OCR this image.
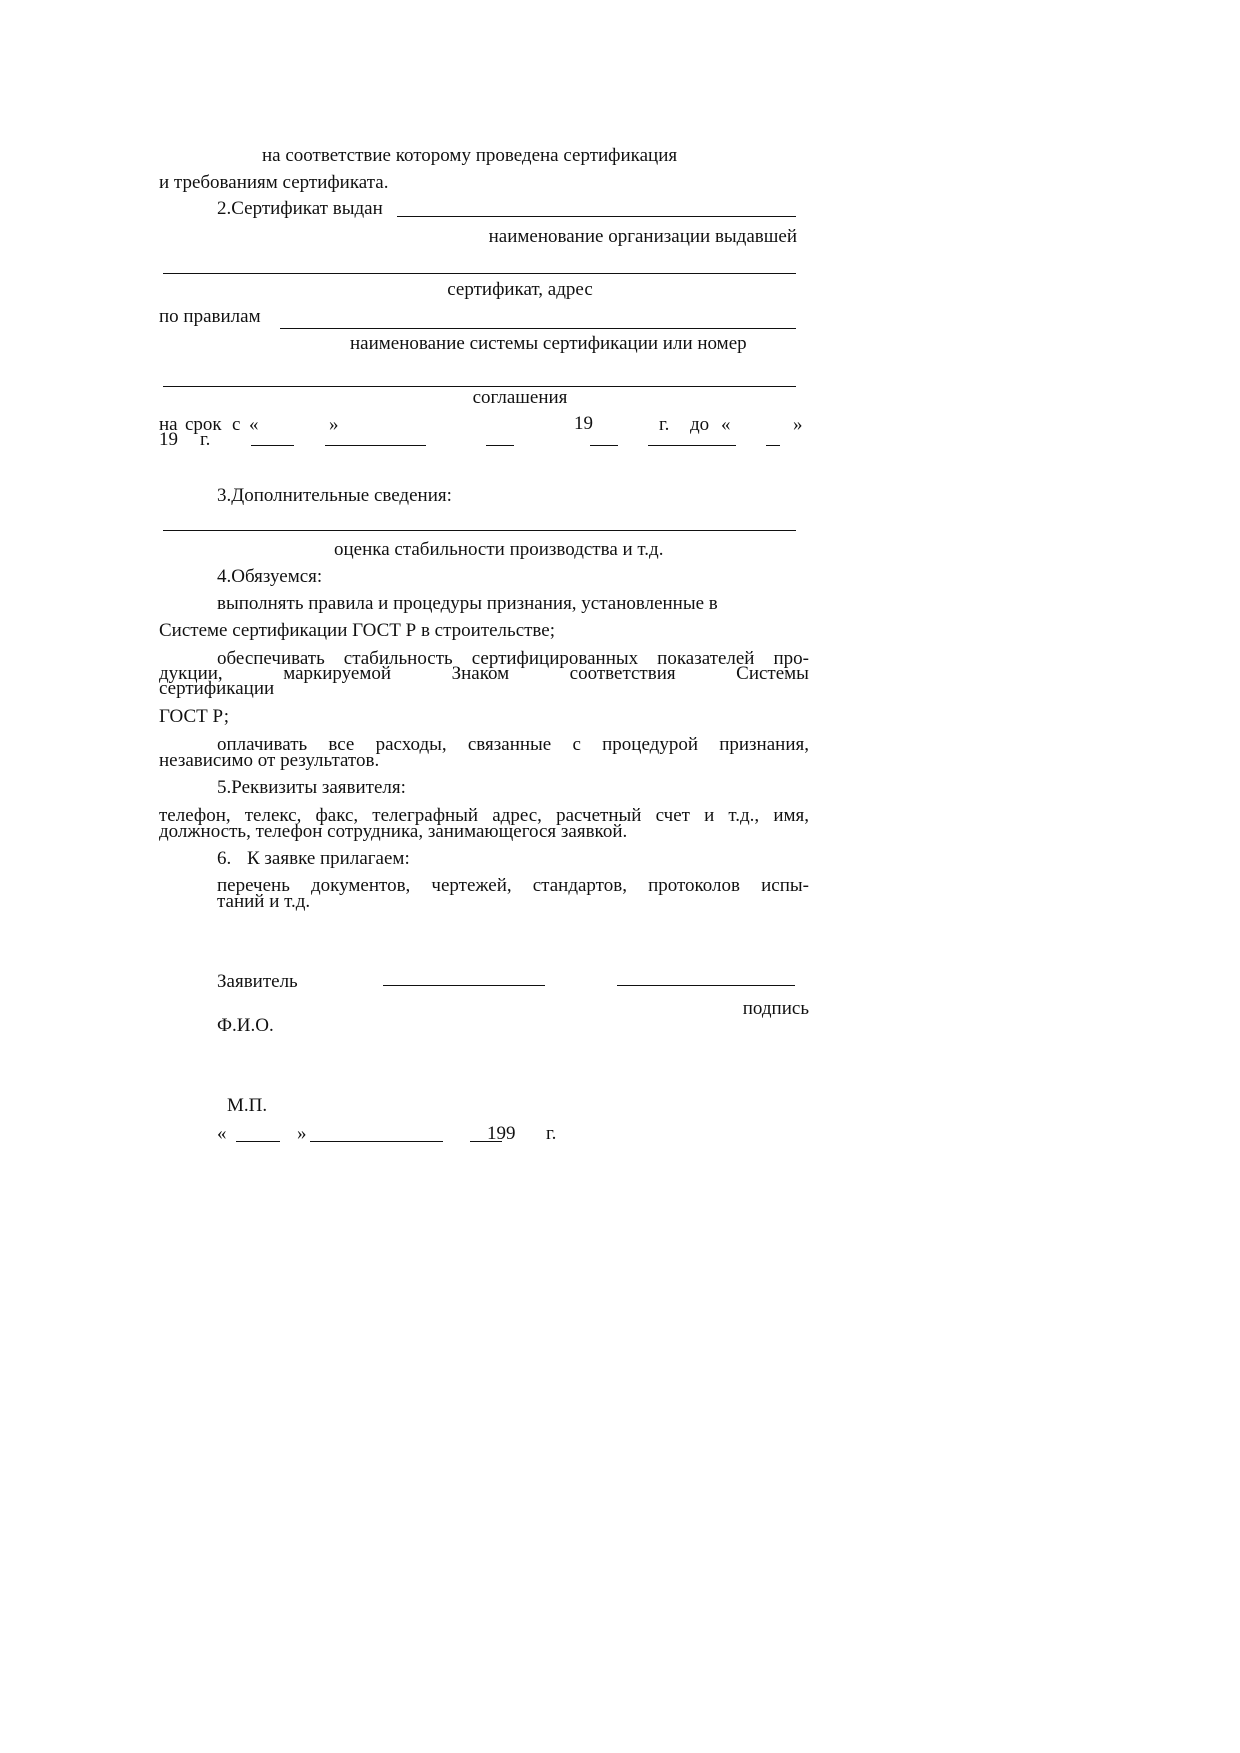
на соответствие которому проведена сертификация
и требованиям сертификата.
2.Сертификат выдан
наименование организации выдавшей
сертификат, адрес
по правилам
наименование системы сертификации или номер
соглашения
на срок с «	»	19	г. до «	»
19 г.
3.Дополнительные сведения:
оценка стабильности производства и т.д.
4.Обязуемся:
выполнять правила и процедуры признания, установленные в
Системе сертификации ГОСТ Р в строительстве;
обеспечивать стабильность сертифицированных показателей про-
дукции,	маркируемой	Знаком	соответствия	Системы
сертификации
ГОСТ Р;
оплачивать все расходы, связанные с процедурой признания,
независимо от результатов.
5.Реквизиты заявителя:
телефон, телекс, факс, телеграфный адрес, расчетный счет и т.д., имя,
должность, телефон сотрудника, занимающегося заявкой.
6. К заявке прилагаем:
перечень документов, чертежей, стандартов, протоколов испы-
таний и т.д.
Заявитель
подпись
Ф.И.О.
М.П.
«	»	199 г.
